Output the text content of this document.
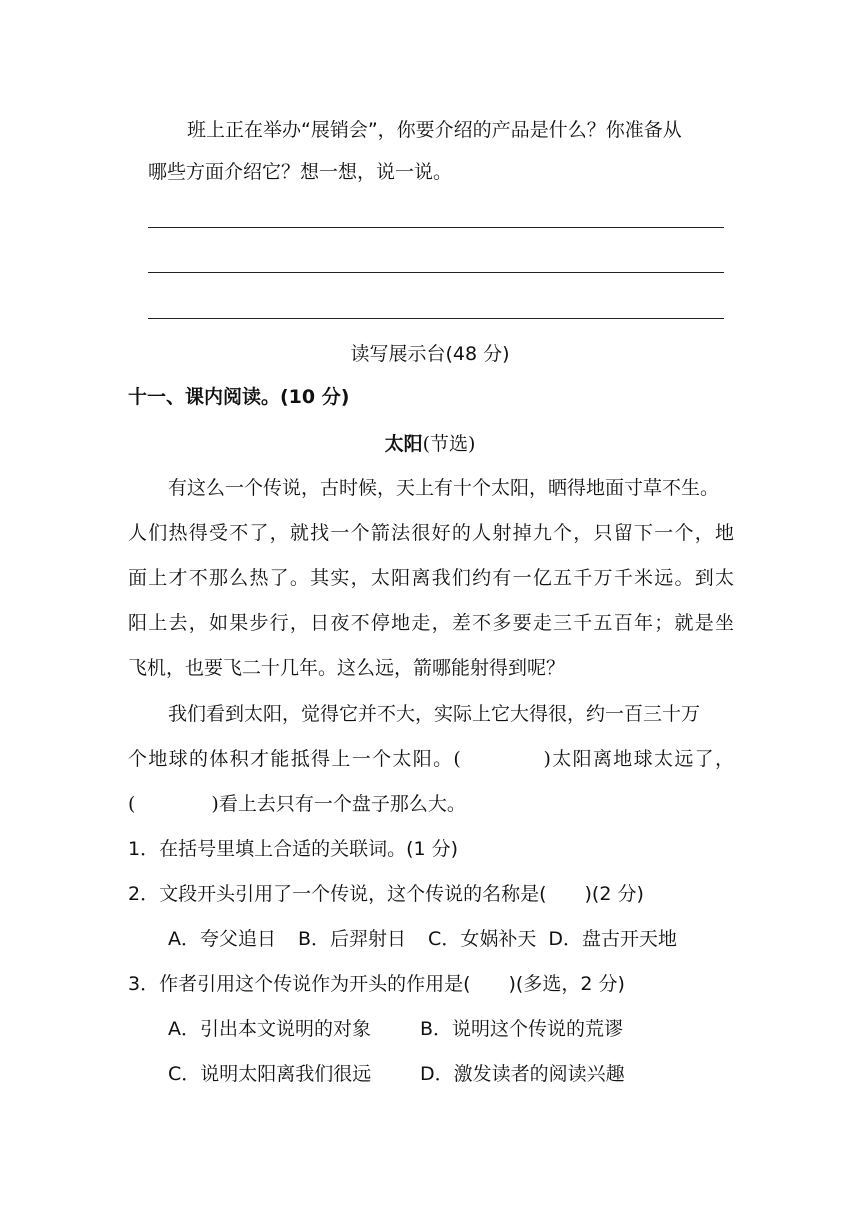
班上正在举办“展销会”，你要介绍的产品是什么？你准备从
哪些方面介绍它？想一想，说一说。
读写展示台(48 分)
十一、课内阅读。(10 分)
太阳(节选)
有这么一个传说，古时候，天上有十个太阳，晒得地面寸草不生。
人们热得受不了，就找一个箭法很好的人射掉九个，只留下一个，地
面上才不那么热了。其实，太阳离我们约有一亿五千万千米远。到太
阳上去，如果步行，日夜不停地走，差不多要走三千五百年；就是坐
飞机，也要飞二十几年。这么远，箭哪能射得到呢？
我们看到太阳，觉得它并不大，实际上它大得很，约一百三十万
个地球的体积才能抵得上一个太阳。(　　　　)太阳离地球太远了，
(　　　　)看上去只有一个盘子那么大。
1．在括号里填上合适的关联词。(1 分)
2．文段开头引用了一个传说，这个传说的名称是(　　)(2 分)
A．夸父追日 B．后羿射日 C．女娲补天 D．盘古开天地
3．作者引用这个传说作为开头的作用是(　　)(多选，2 分)
A．引出本文说明的对象	B．说明这个传说的荒谬
C．说明太阳离我们很远	D．激发读者的阅读兴趣
